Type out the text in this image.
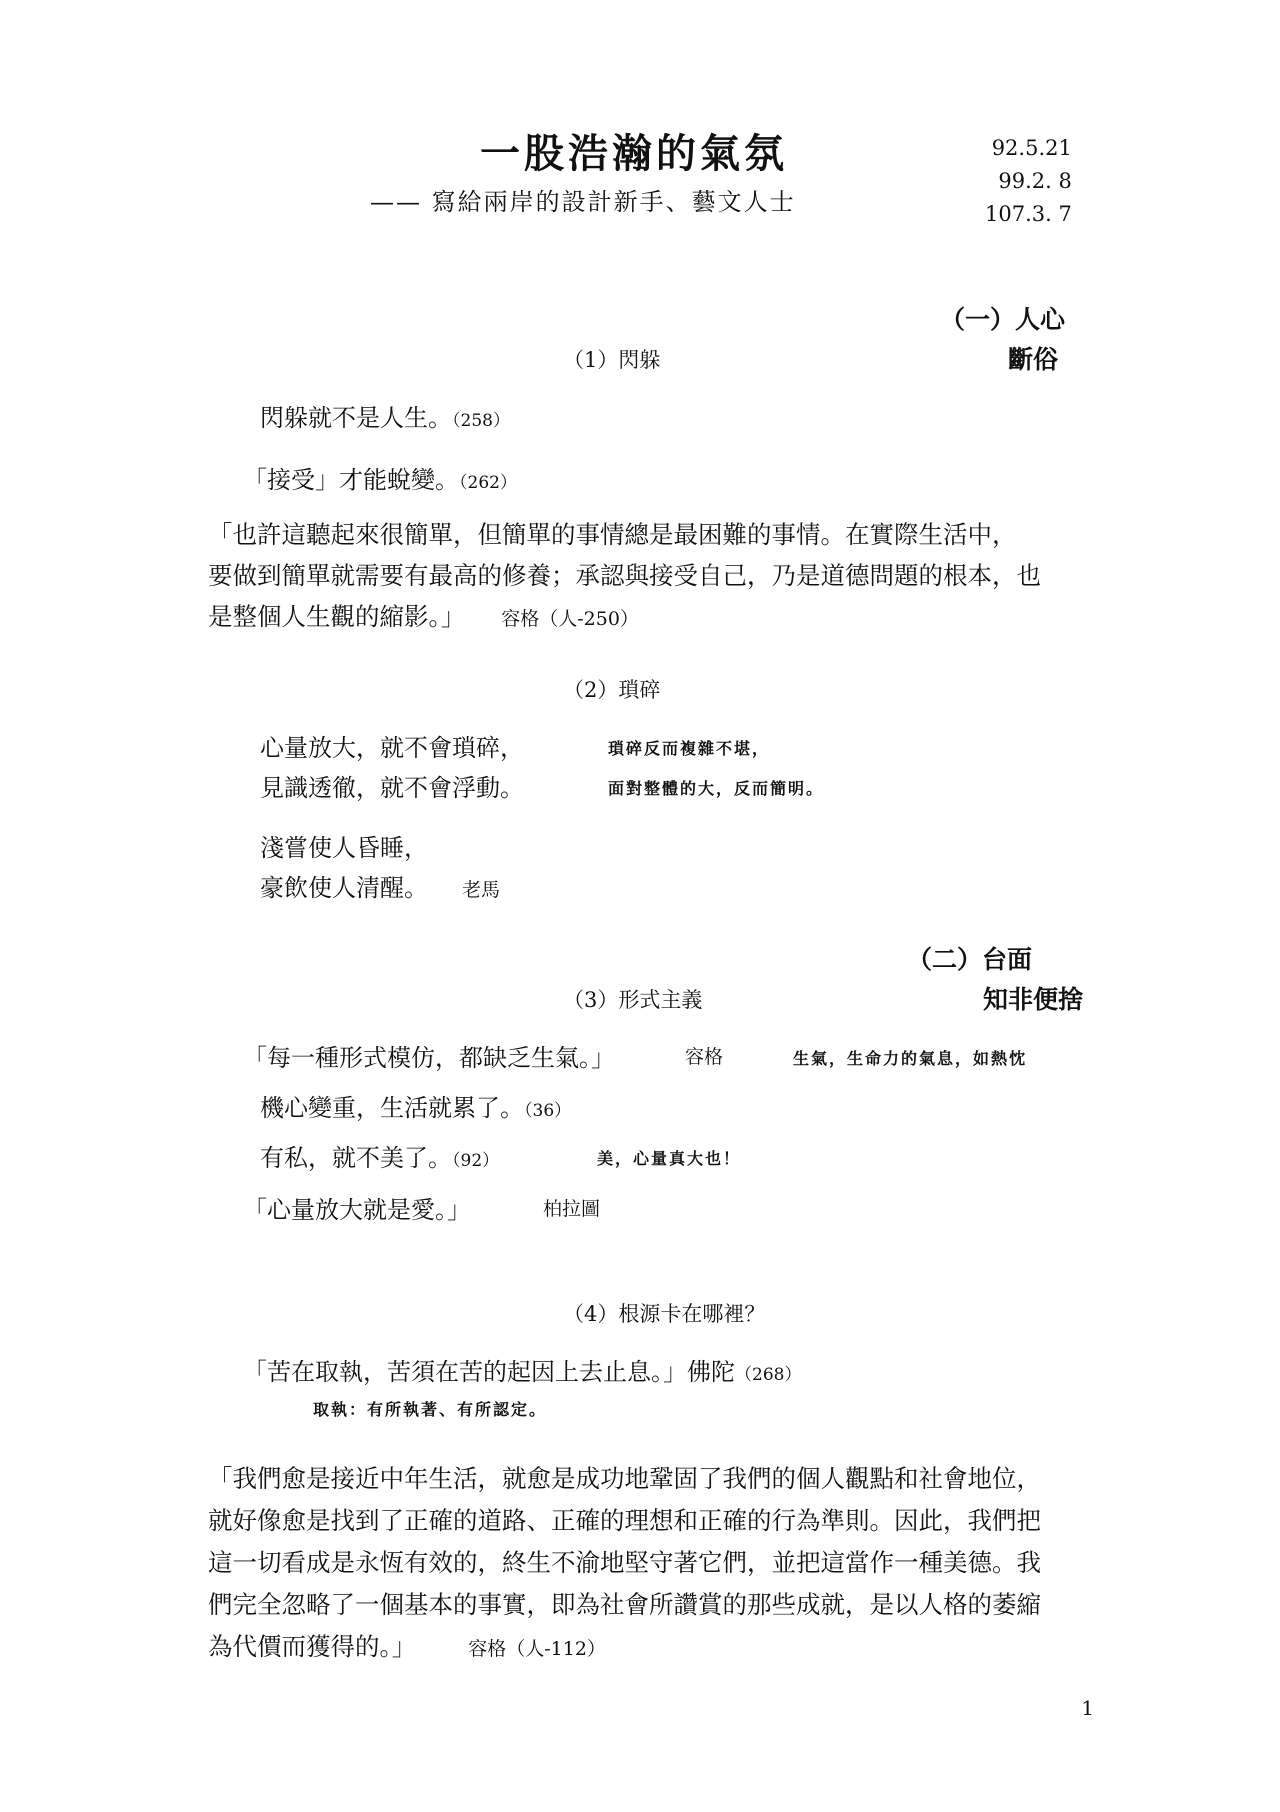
一股浩瀚的氣氛
—— 寫給兩岸的設計新手、藝文人士
92.5.21
99.2. 8
107.3. 7
（一）人心
斷俗
（1）閃躲
閃躲就不是人生。（258）
「接受」才能蛻變。（262）
「也許這聽起來很簡單，但簡單的事情總是最困難的事情。在實際生活中，
要做到簡單就需要有最高的修養；承認與接受自己，乃是道德問題的根本，也
是整個人生觀的縮影。」 容格（人-250）
（2）瑣碎
心量放大，就不會瑣碎，
見識透徹，就不會浮動。
瑣碎反而複雜不堪，
面對整體的大，反而簡明。
淺嘗使人昏睡，
豪飲使人清醒。 老馬
（二）台面
知非便捨
（3）形式主義
「每一種形式模仿，都缺乏生氣。」	容格	生氣，生命力的氣息，如熱忱
機心變重，生活就累了。（36）
有私，就不美了。（92）	美，心量真大也！
「心量放大就是愛。」	柏拉圖
（4）根源卡在哪裡？
「苦在取執，苦須在苦的起因上去止息。」佛陀（268）
取執：有所執著、有所認定。
「我們愈是接近中年生活，就愈是成功地鞏固了我們的個人觀點和社會地位，
就好像愈是找到了正確的道路、正確的理想和正確的行為準則。因此，我們把
這一切看成是永恆有效的，終生不渝地堅守著它們，並把這當作一種美德。我
們完全忽略了一個基本的事實，即為社會所讚賞的那些成就，是以人格的萎縮
為代價而獲得的。」	容格（人-112）
1
